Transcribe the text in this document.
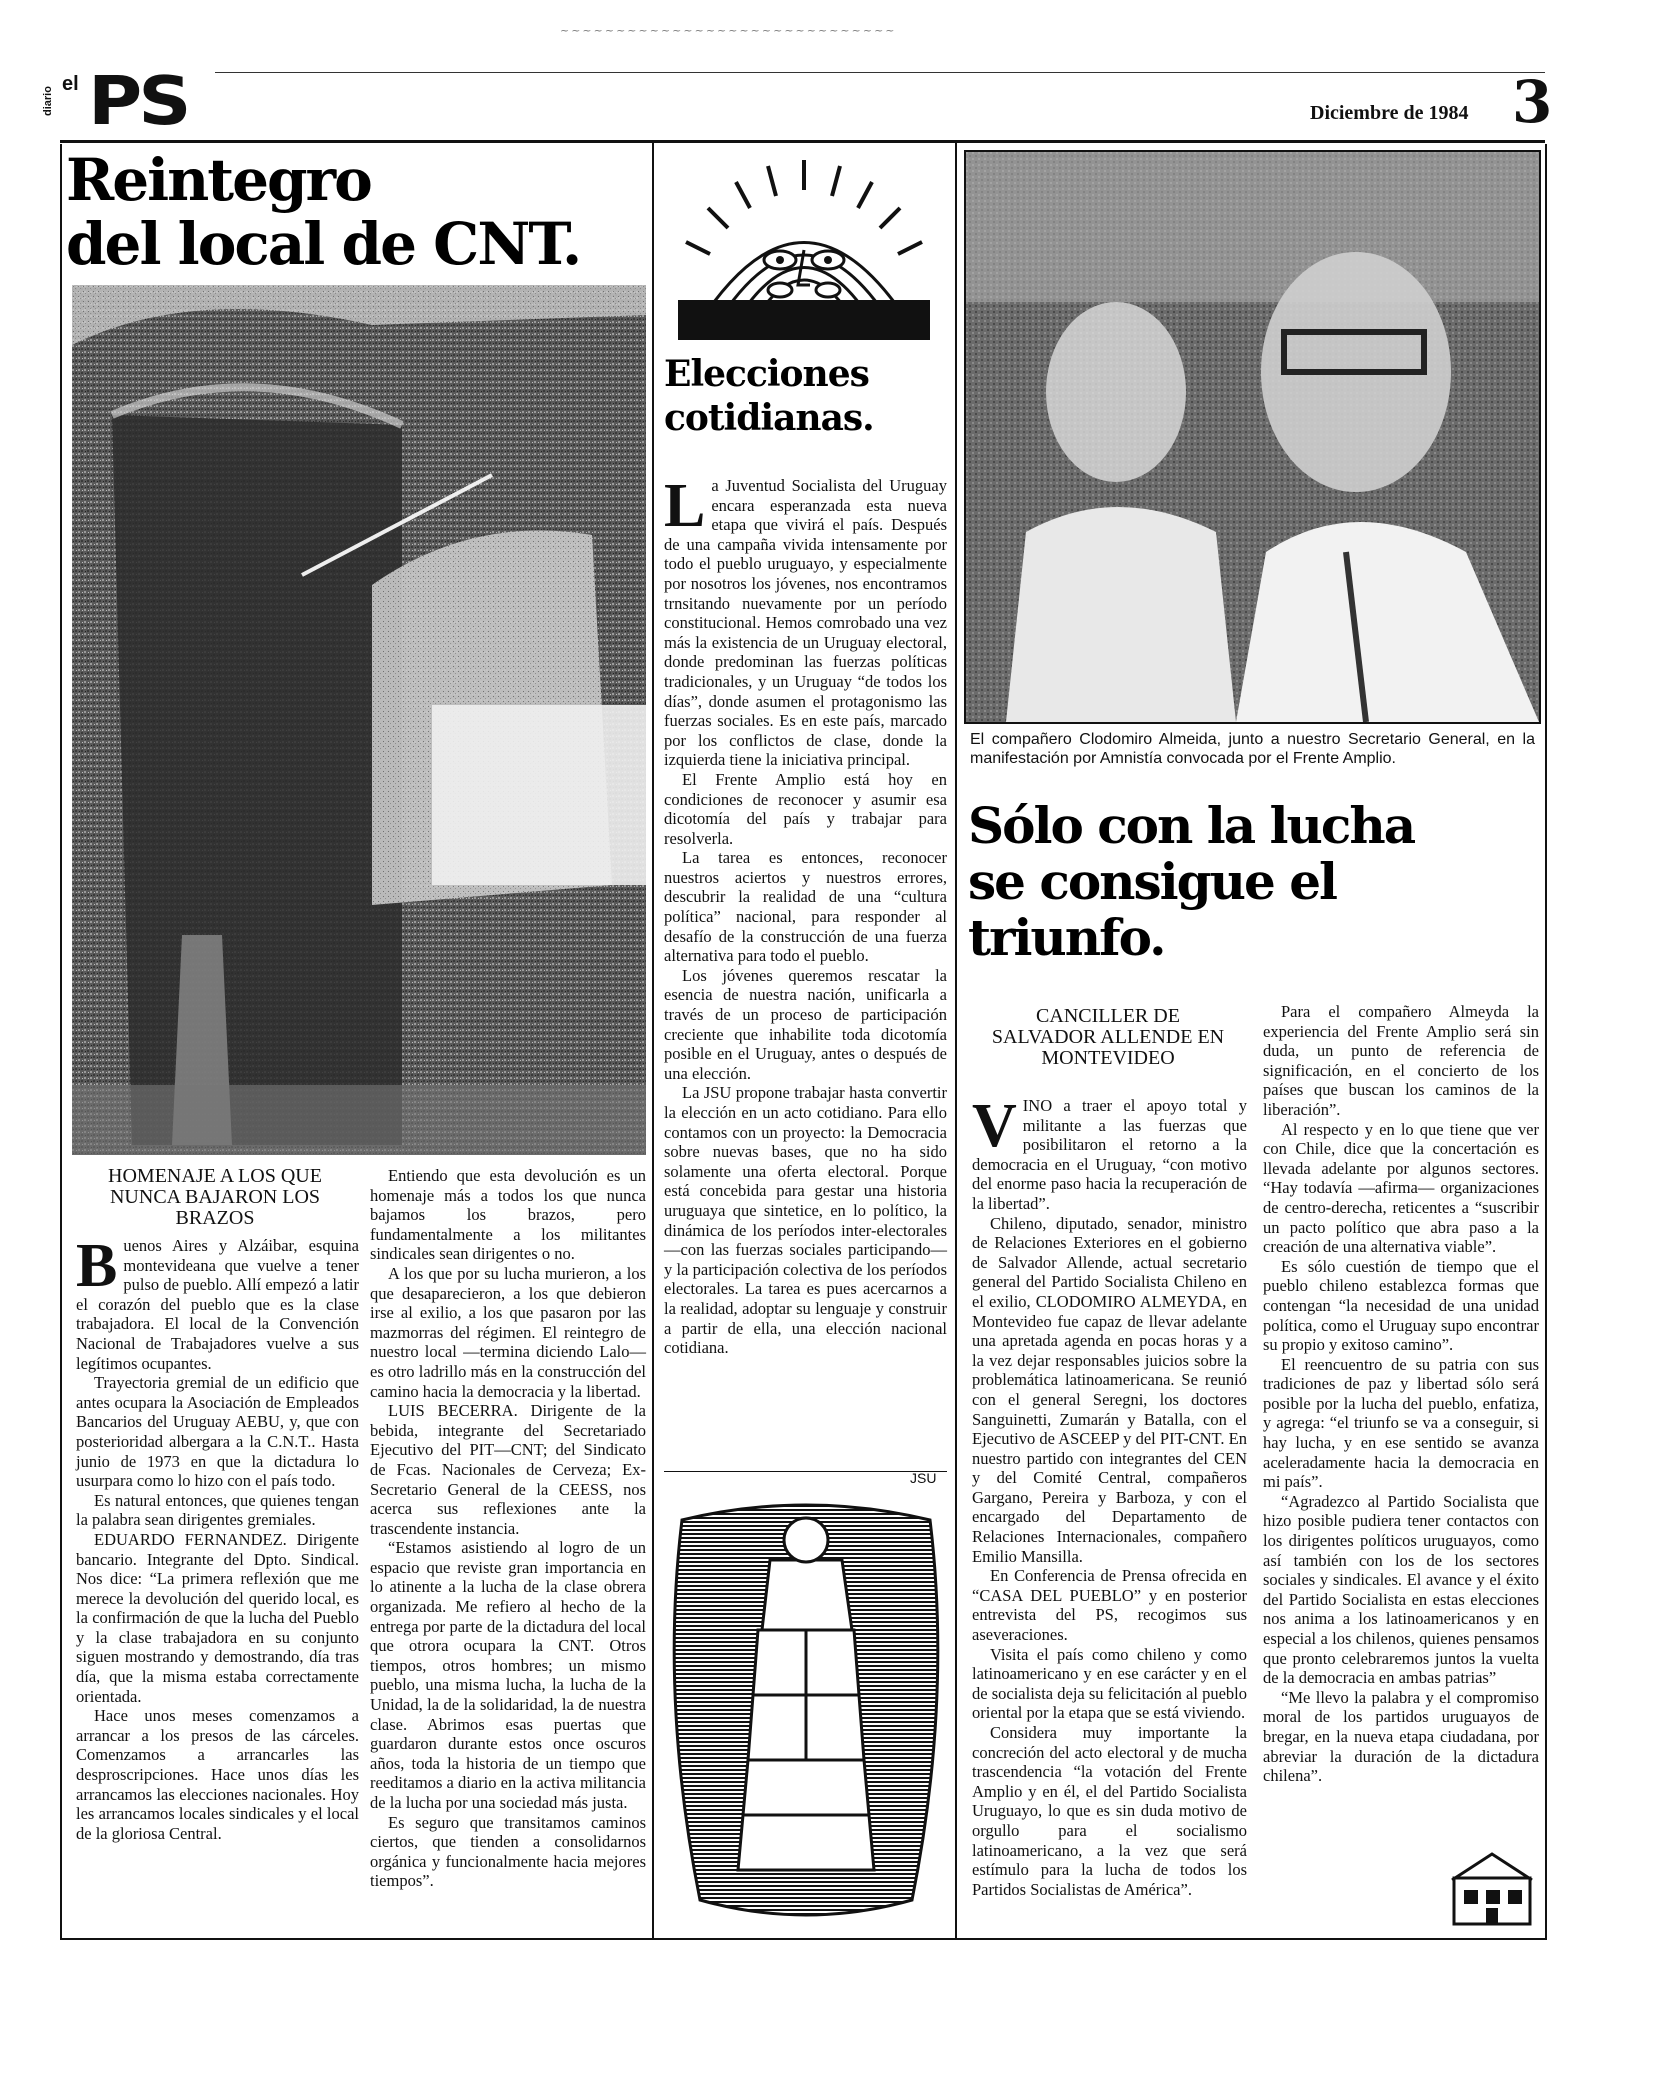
~~~~~~~~~~~~~~~~~~~~~~~~~~~~~~
el
diario PS	Diciembre de 1984 3
Reintegro
del local de CNT.
HOMENAJE A LOS QUE NUNCA BAJARON LOS BRAZOS
B uenos Aires y Alzáibar, esquina montevideana que vuelve a tener pulso de pueblo. Allí empezó a latir el corazón del pueblo que es la clase trabajadora. El local de la Convención Nacional de Trabajadores vuelve a sus legítimos ocupantes.

Trayectoria gremial de un edificio que antes ocupara la Asociación de Empleados Bancarios del Uruguay AEBU, y, que con posterioridad albergara a la C.N.T.. Hasta junio de 1973 en que la dictadura lo usurpara como lo hizo con el país todo.

Es natural entonces, que quienes tengan la palabra sean dirigentes gremiales.

EDUARDO FERNANDEZ. Dirigente bancario. Integrante del Dpto. Sindical. Nos dice: “La primera reflexión que me merece la devolución del querido local, es la confirmación de que la lucha del Pueblo y la clase trabajadora en su conjunto siguen mostrando y demostrando, día tras día, que la misma estaba correctamente orientada.

Hace unos meses comenzamos a arrancar a los presos de las cárceles. Comenzamos a arrancarles las desproscripciones. Hace unos días les arrancamos las elecciones nacionales. Hoy les arrancamos locales sindicales y el local de la gloriosa Central.

Entiendo que esta devolución es un homenaje más a todos los que nunca bajamos los brazos, pero fundamentalmente a los militantes sindicales sean dirigentes o no.

A los que por su lucha murieron, a los que desaparecieron, a los que debieron irse al exilio, a los que pasaron por las mazmorras del régimen. El reintegro de nuestro local —termina diciendo Lalo— es otro ladrillo más en la construcción del camino hacia la democracia y la libertad.

LUIS BECERRA. Dirigente de la bebida, integrante del Secretariado Ejecutivo del PIT—CNT; del Sindicato de Fcas. Nacionales de Cerveza; Ex-Secretario General de la CEESS, nos acerca sus reflexiones ante la trascendente instancia.

“Estamos asistiendo al logro de un espacio que reviste gran importancia en lo atinente a la lucha de la clase obrera organizada. Me refiero al hecho de la entrega por parte de la dictadura del local que otrora ocupara la CNT. Otros tiempos, otros hombres; un mismo pueblo, una misma lucha, la lucha de la Unidad, la de la solidaridad, la de nuestra clase. Abrimos esas puertas que guardaron durante estos once oscuros años, toda la historia de un tiempo que reeditamos a diario en la activa militancia de la lucha por una sociedad más justa.

Es seguro que transitamos caminos ciertos, que tienden a consolidarnos orgánica y funcionalmente hacia mejores tiempos”.

Elecciones
cotidianas.
L a Juventud Socialista del Uruguay encara esperanzada esta nueva etapa que vivirá el país. Después de una campaña vivida intensamente por todo el pueblo uruguayo, y especialmente por nosotros los jóvenes, nos encontramos trnsitando nuevamente por un período constitucional. Hemos comrobado una vez más la existencia de un Uruguay electoral, donde predominan las fuerzas políticas tradicionales, y un Uruguay “de todos los días”, donde asumen el protagonismo las fuerzas sociales. Es en este país, marcado por los conflictos de clase, donde la izquierda tiene la iniciativa principal.

El Frente Amplio está hoy en condiciones de reconocer y asumir esa dicotomía del país y trabajar para resolverla.

La tarea es entonces, reconocer nuestros aciertos y nuestros errores, descubrir la realidad de una “cultura política” nacional, para responder al desafío de la construcción de una fuerza alternativa para todo el pueblo.

Los jóvenes queremos rescatar la esencia de nuestra nación, unificarla a través de un proceso de participación creciente que inhabilite toda dicotomía posible en el Uruguay, antes o después de una elección.

La JSU propone trabajar hasta convertir la elección en un acto cotidiano. Para ello contamos con un proyecto: la Democracia sobre nuevas bases, que no ha sido solamente una oferta electoral. Porque está concebida para gestar una historia uruguaya que sintetice, en lo político, la dinámica de los períodos inter-electorales —con las fuerzas sociales participando— y la participación colectiva de los períodos electorales. La tarea es pues acercarnos a la realidad, adoptar su lenguaje y construir a partir de ella, una elección nacional cotidiana.

JSU
El compañero Clodomiro Almeida, junto a nuestro Secretario General, en la manifestación por Amnistía convocada por el Frente Amplio.
Sólo con la lucha
se consigue el
triunfo.
CANCILLER DE SALVADOR ALLENDE EN MONTEVIDEO
V INO a traer el apoyo total y militante a las fuerzas que posibilitaron el retorno a la democracia en el Uruguay, “con motivo del enorme paso hacia la recuperación de la libertad”.

Chileno, diputado, senador, ministro de Relaciones Exteriores en el gobierno de Salvador Allende, actual secretario general del Partido Socialista Chileno en el exilio, CLODOMIRO ALMEYDA, en Montevideo fue capaz de llevar adelante una apretada agenda en pocas horas y a la vez dejar responsables juicios sobre la problemática latinoamericana. Se reunió con el general Seregni, los doctores Sanguinetti, Zumarán y Batalla, con el Ejecutivo de ASCEEP y del PIT-CNT. En nuestro partido con integrantes del CEN y del Comité Central, compañeros Gargano, Pereira y Barboza, y con el encargado del Departamento de Relaciones Internacionales, compañero Emilio Mansilla.

En Conferencia de Prensa ofrecida en “CASA DEL PUEBLO” y en posterior entrevista del PS, recogimos sus aseveraciones.

Visita el país como chileno y como latinoamericano y en ese carácter y en el de socialista deja su felicitación al pueblo oriental por la etapa que se está viviendo.

Considera muy importante la concreción del acto electoral y de mucha trascendencia “la votación del Frente Amplio y en él, el del Partido Socialista Uruguayo, lo que es sin duda motivo de orgullo para el socialismo latinoamericano, a la vez que será estímulo para la lucha de todos los Partidos Socialistas de América”.

Para el compañero Almeyda la experiencia del Frente Amplio será sin duda, un punto de referencia de significación, en el concierto de los países que buscan los caminos de la liberación”.

Al respecto y en lo que tiene que ver con Chile, dice que la concertación es llevada adelante por algunos sectores. “Hay todavía —afirma— organizaciones de centro-derecha, reticentes a “suscribir un pacto político que abra paso a la creación de una alternativa viable”.

Es sólo cuestión de tiempo que el pueblo chileno establezca formas que contengan “la necesidad de una unidad política, como el Uruguay supo encontrar su propio y exitoso camino”.

El reencuentro de su patria con sus tradiciones de paz y libertad sólo será posible por la lucha del pueblo, enfatiza, y agrega: “el triunfo se va a conseguir, si hay lucha, y en ese sentido se avanza aceleradamente hacia la democracia en mi país”.

“Agradezco al Partido Socialista que hizo posible pudiera tener contactos con los dirigentes políticos uruguayos, como así también con los de los sectores sociales y sindicales. El avance y el éxito del Partido Socialista en estas elecciones nos anima a los latinoamericanos y en especial a los chilenos, quienes pensamos que pronto celebraremos juntos la vuelta de la democracia en ambas patrias”

“Me llevo la palabra y el compromiso moral de los partidos uruguayos de bregar, en la nueva etapa ciudadana, por abreviar la duración de la dictadura chilena”.
